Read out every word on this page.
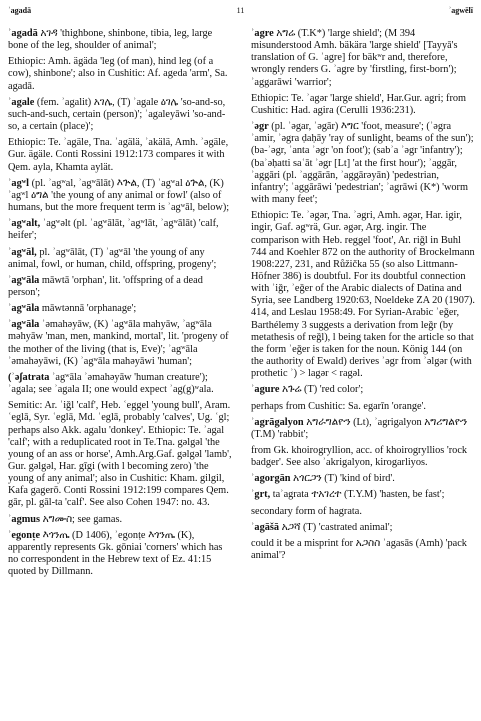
ʾagadā	11	ʾagwēlī

ʾagadā አገዳ 'thighbone, shinbone, tibia, leg, large bone of the leg, shoulder of animal';

Ethiopic: Amh. ägäda 'leg (of man), hind leg (of a cow), shinbone'; also in Cushitic: Af. ageda 'arm', Sa. agadā.

ʾagale (fem. ʾagalit) አገሌ, (T) ʾagale ዕገሌ 'so-and-so, such-and-such, certain (person)'; ʾagaleyāwi 'so-and-so, a certain (place)';

Ethiopic: Te. ʾagäle, Tna. ʾagälä, ʾakälä, Amh. ʾəgäle, Gur. ägäle. Conti Rossini 1912:173 compares it with Qem. ayla, Khamta aylät.

ʾagʷl (pl. ʾagʷal, ʾagʷālāt) እጕል, (T) ʾagʷal ዕጕል, (K) ʾagʷl ዕግል 'the young of any animal or fowl' (also of humans, but the more frequent term is ʾagʷāl, below);

ʾagʷalt, ʾagʷəlt (pl. ʾagʷālāt, ʾagʷlāt, ʾagʷālāt) 'calf, heifer';

ʾagʷāl, pl. ʾagʷālāt, (T) ʾagʷāl 'the young of any animal, fowl, or human, child, offspring, progeny';

ʾagʷāla māwtā 'orphan', lit. 'offspring of a dead person';

ʾagʷāla māwtənnā 'orphanage';

ʾagʷāla ʾəmahəyāw, (K) ʾagʷāla mahyāw, ʾagʷāla məhyāw 'man, men, mankind, mortal', lit. 'progeny of the mother of the living (that is, Eve)'; ʾagʷāla ʾəmahəyāwi, (K) ʾagʷāla mahəyāwi 'human';

(ʾəʃatrata ʾagʷāla ʾəmahəyāw 'human creature'); ʾagala; see ʾagala II; one would expect ʾag(g)ʷala.

Semitic: Ar. ʿiǧl 'calf', Heb. ʿeggel 'young bull', Aram. ʿeglā, Syr. ʿeglā, Md. ʿeglā, probably 'calves', Ug. ʿgl; perhaps also Akk. agalu 'donkey'. Ethiopic: Te. ʾagal 'calf'; with a reduplicated root in Te.Tna. gəlgəl 'the young of an ass or horse', Amh.Arg.Gaf. gəlgəl 'lamb', Gur. gəlgəl, Har. gīgi (with l becoming zero) 'the young of any animal'; also in Cushitic: Kham. gilgil, Kafa gagerō. Conti Rossini 1912:199 compares Qem. gār, pl. gāl-ta 'calf'. See also Cohen 1947: no. 43.

ʾagmus አግሙስ; see gamas.

ʾegonṭe እጎንጤ (D 1406), ʾegonṭe እጎንጤ (K), apparently represents Gk. gōniai 'corners' which has no correspondent in the Hebrew text of Ez. 41:15 quoted by Dillmann.

ʾagre አግሬ (T.K*) 'large shield'; (M 394 misunderstood Amh. bäkära 'large shield' [Tayyā's translation of G. ʾagre] for bäkʷr and, therefore, wrongly renders G. ʾagre by 'firstling, first-born'); ʾaggarāwi 'warrior';

Ethiopic: Te. ʾagər 'large shield', Har.Gur. agri; from Cushitic: Had. agira (Cerulli 1936:231).

ʾəgr (pl. ʾəgar, ʾəgār) እግር 'foot, measure'; (ʾəgra ʾamir, ʾəgra ḍaḥāy 'ray of sunlight, beams of the sun'); (ba-ʾəgr, ʾanta ʾəgr 'on foot'); (sabʾa ʾəgr 'infantry'); (baʾəḥatti saʿāt ʾəgr [Lt] 'at the first hour'); ʾaggār, ʾaggāri (pl. ʾaggārān, ʾaggārəyān) 'pedestrian, infantry'; ʾaggārāwi 'pedestrian'; ʾagrāwi (K*) 'worm with many feet';

Ethiopic: Te. ʾəgər, Tna. ʾəgri, Amh. əgər, Har. igir, ingir, Gaf. əgʷrä, Gur. əgər, Arg. ingir. The comparison with Heb. reggel 'foot', Ar. riǧl in Buhl 744 and Koehler 872 on the authority of Brockelmann 1908:227, 231, and Růžička 55 (so also Littmann-Höfner 386) is doubtful. For its doubtful connection with ʾiǧr, ʾeǧer of the Arabic dialects of Datina and Syria, see Landberg 1920:63, Noeldeke ZA 20 (1907). 414, and Leslau 1958:49. For Syrian-Arabic ʾeǧer, Barthélemy 3 suggests a derivation from leǧr (by metathesis of reǧl), l being taken for the article so that the form ʾeǧer is taken for the noun. König 144 (on the authority of Ewald) derives ʾəgr from ʾəlgər (with prothetic ʾ) > lagər < ragəl.

ʾagure አጉሬ (T) 'red color';

perhaps from Cushitic: Sa. egarīn 'orange'.

ʾagrāgalyon አግራግልዮን (Lt), ʾagrigalyon አግሪግልዮን (T.M) 'rabbit';

from Gk. khoirogryllion, acc. of khoirogryllios 'rock badger'. See also ʾakrigalyon, kirogarliyos.

ʾagorgān አጎርጋን (T) 'kind of bird'.

ʾgrt, taʾagrata ተአገረተ (T.Y.M) 'hasten, be fast';

secondary form of hagrata.

ʾagāšā አጋሻ (T) 'castrated animal';

could it be a misprint for አጋስስ ʾagasās (Amh) 'pack animal'?
